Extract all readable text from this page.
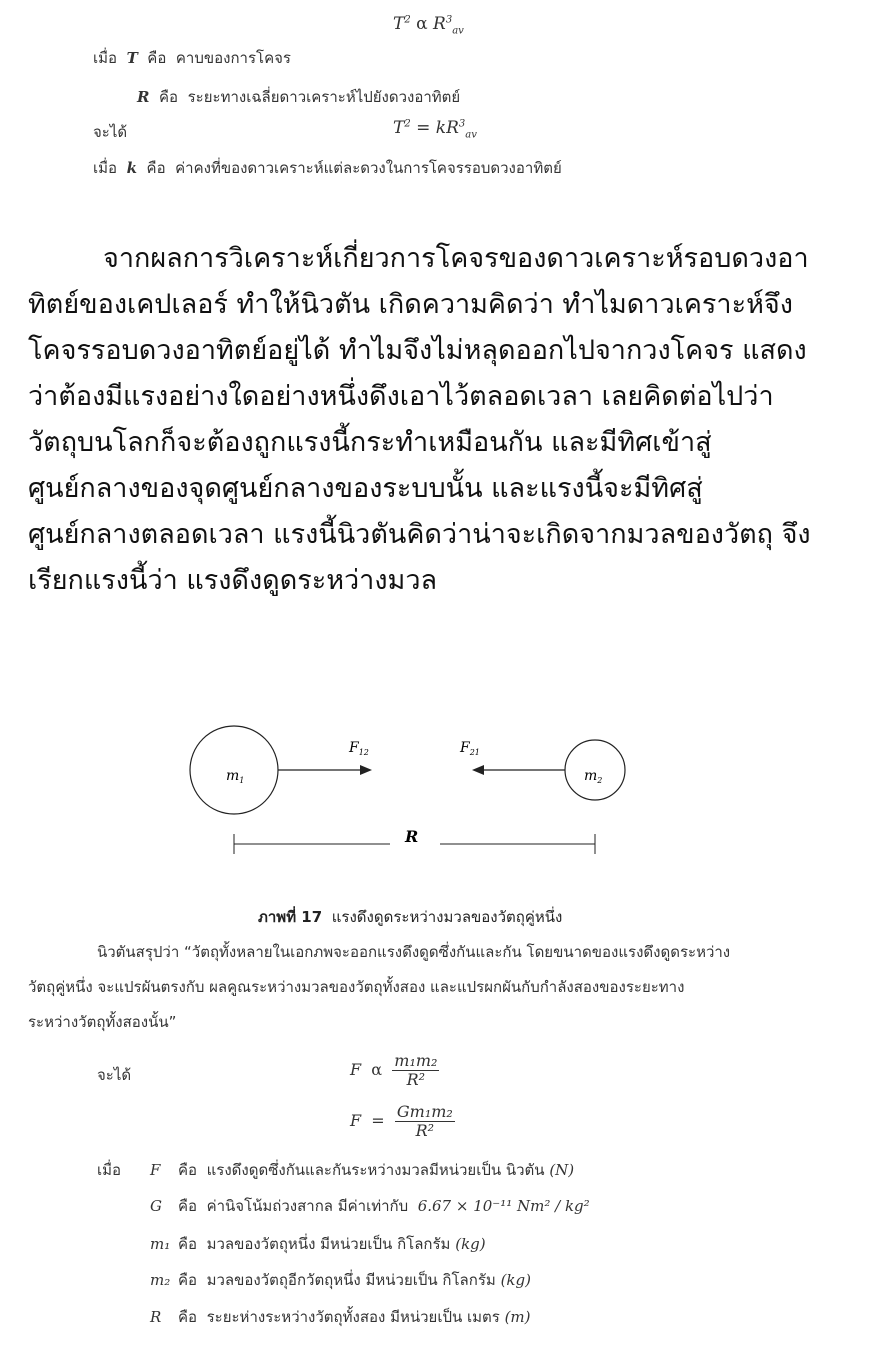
$T^2$ α $R^3_{av}$
เมื่อ T คือ คาบของการโคจร
R คือ ระยะทางเฉลี่ยดาวเคราะห์ไปยังดวงอาทิตย์
จะได้	$T^2 = kR^3_{av}$
เมื่อ k คือ ค่าคงที่ของดาวเคราะห์แต่ละดวงในการโคจรรอบดวงอาทิตย์
จากผลการวิเคราะห์เกี่ยวการโคจรของดาวเคราะห์รอบดวงอา
ทิตย์ของเคปเลอร์ ทำให้นิวตัน เกิดความคิดว่า ทำไมดาวเคราะห์จึง
โคจรรอบดวงอาทิตย์อยู่ได้ ทำไมจึงไม่หลุดออกไปจากวงโคจร แสดง
ว่าต้องมีแรงอย่างใดอย่างหนึ่งดึงเอาไว้ตลอดเวลา เลยคิดต่อไปว่า
วัตถุบนโลกก็จะต้องถูกแรงนี้กระทำเหมือนกัน และมีทิศเข้าสู่
ศูนย์กลางของจุดศูนย์กลางของระบบนั้น และแรงนี้จะมีทิศสู่
ศูนย์กลางตลอดเวลา แรงนี้นิวตันคิดว่าน่าจะเกิดจากมวลของวัตถุ จึง
เรียกแรงนี้ว่า แรงดึงดูดระหว่างมวล
$m_1$
$F_{12}$	$F_{21}$
$m_2$
R
ภาพที่ 17 แรงดึงดูดระหว่างมวลของวัตถุคู่หนึ่ง
นิวตันสรุปว่า “วัตถุทั้งหลายในเอกภพจะออกแรงดึงดูดซึ่งกันและกัน โดยขนาดของแรงดึงดูดระหว่าง
วัตถุคู่หนึ่ง จะแปรผันตรงกับ ผลคูณระหว่างมวลของวัตถุทั้งสอง และแปรผกผันกับกำลังสองของระยะทาง
ระหว่างวัตถุทั้งสองนั้น”
จะได้	F α $\frac{\text{m₁m₂}}{\text{R²}}$
$F = \frac{\text{Gm₁m₂}}{\text{R²}}$
เมื่อ F คือ แรงดึงดูดซึ่งกันและกันระหว่างมวลมีหน่วยเป็น นิวตัน (N)
G คือ ค่านิจโน้มถ่วงสากล มีค่าเท่ากับ 6.67 × 10⁻¹¹ Nm² / kg²
m₁ คือ มวลของวัตถุหนึ่ง มีหน่วยเป็น กิโลกรัม (kg)
m₂ คือ มวลของวัตถุอีกวัตถุหนึ่ง มีหน่วยเป็น กิโลกรัม (kg)
R คือ ระยะห่างระหว่างวัตถุทั้งสอง มีหน่วยเป็น เมตร (m)
